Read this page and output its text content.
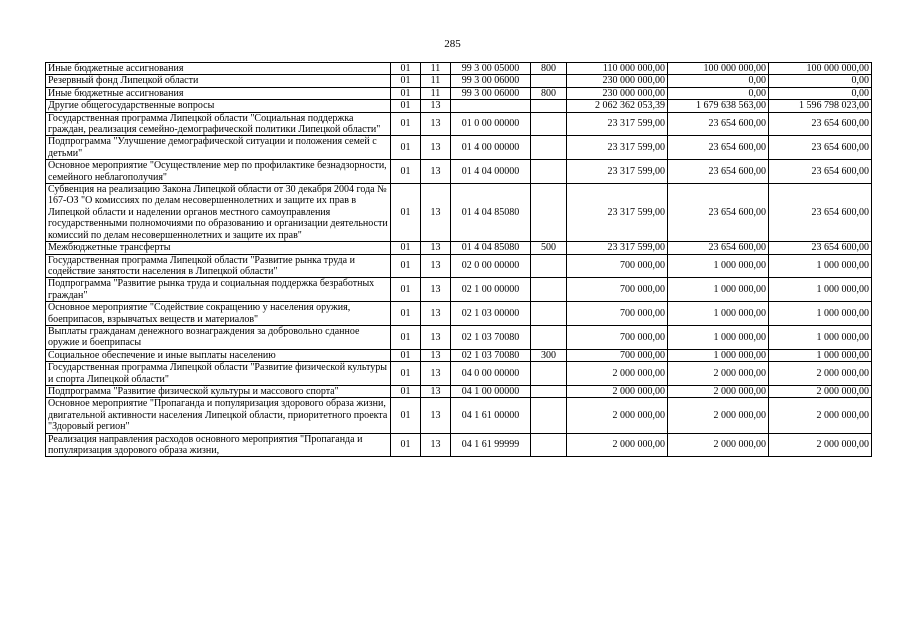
285
Иные бюджетные ассигнования	01	11	99 3 00 05000	800	110 000 000,00	100 000 000,00	100 000 000,00
Резервный фонд Липецкой области	01	11	99 3 00 06000		230 000 000,00	0,00	0,00
Иные бюджетные ассигнования	01	11	99 3 00 06000	800	230 000 000,00	0,00	0,00
Другие общегосударственные вопросы	01	13			2 062 362 053,39	1 679 638 563,00	1 596 798 023,00
Государственная программа Липецкой области "Социальная поддержка граждан, реализация семейно-демографической политики Липецкой области"	01	13	01 0 00 00000		23 317 599,00	23 654 600,00	23 654 600,00
Подпрограмма "Улучшение демографической ситуации и положения семей с детьми"	01	13	01 4 00 00000		23 317 599,00	23 654 600,00	23 654 600,00
Основное мероприятие "Осуществление мер по профилактике безнадзорности, семейного неблагополучия"	01	13	01 4 04 00000		23 317 599,00	23 654 600,00	23 654 600,00
Субвенция на реализацию Закона Липецкой области от 30 декабря 2004 года № 167-ОЗ "О комиссиях по делам несовершеннолетних и защите их прав в Липецкой области и наделении органов местного самоуправления государственными полномочиями по образованию и организации деятельности комиссий по делам несовершеннолетних и защите их прав"	01	13	01 4 04 85080		23 317 599,00	23 654 600,00	23 654 600,00
Межбюджетные трансферты	01	13	01 4 04 85080	500	23 317 599,00	23 654 600,00	23 654 600,00
Государственная программа Липецкой области "Развитие рынка труда и содействие занятости населения в Липецкой области"	01	13	02 0 00 00000		700 000,00	1 000 000,00	1 000 000,00
Подпрограмма "Развитие рынка труда и социальная поддержка безработных граждан"	01	13	02 1 00 00000		700 000,00	1 000 000,00	1 000 000,00
Основное мероприятие "Содействие сокращению у населения оружия, боеприпасов, взрывчатых веществ и материалов"	01	13	02 1 03 00000		700 000,00	1 000 000,00	1 000 000,00
Выплаты гражданам денежного вознаграждения за добровольно сданное оружие и боеприпасы	01	13	02 1 03 70080		700 000,00	1 000 000,00	1 000 000,00
Социальное обеспечение и иные выплаты населению	01	13	02 1 03 70080	300	700 000,00	1 000 000,00	1 000 000,00
Государственная программа Липецкой области "Развитие физической культуры и спорта Липецкой области"	01	13	04 0 00 00000		2 000 000,00	2 000 000,00	2 000 000,00
Подпрограмма "Развитие физической культуры и массового спорта"	01	13	04 1 00 00000		2 000 000,00	2 000 000,00	2 000 000,00
Основное мероприятие "Пропаганда и популяризация здорового образа жизни, двигательной активности населения Липецкой области, приоритетного проекта "Здоровый регион"	01	13	04 1 61 00000		2 000 000,00	2 000 000,00	2 000 000,00
Реализация направления расходов основного мероприятия "Пропаганда и популяризация здорового образа жизни,	01	13	04 1 61 99999		2 000 000,00	2 000 000,00	2 000 000,00
